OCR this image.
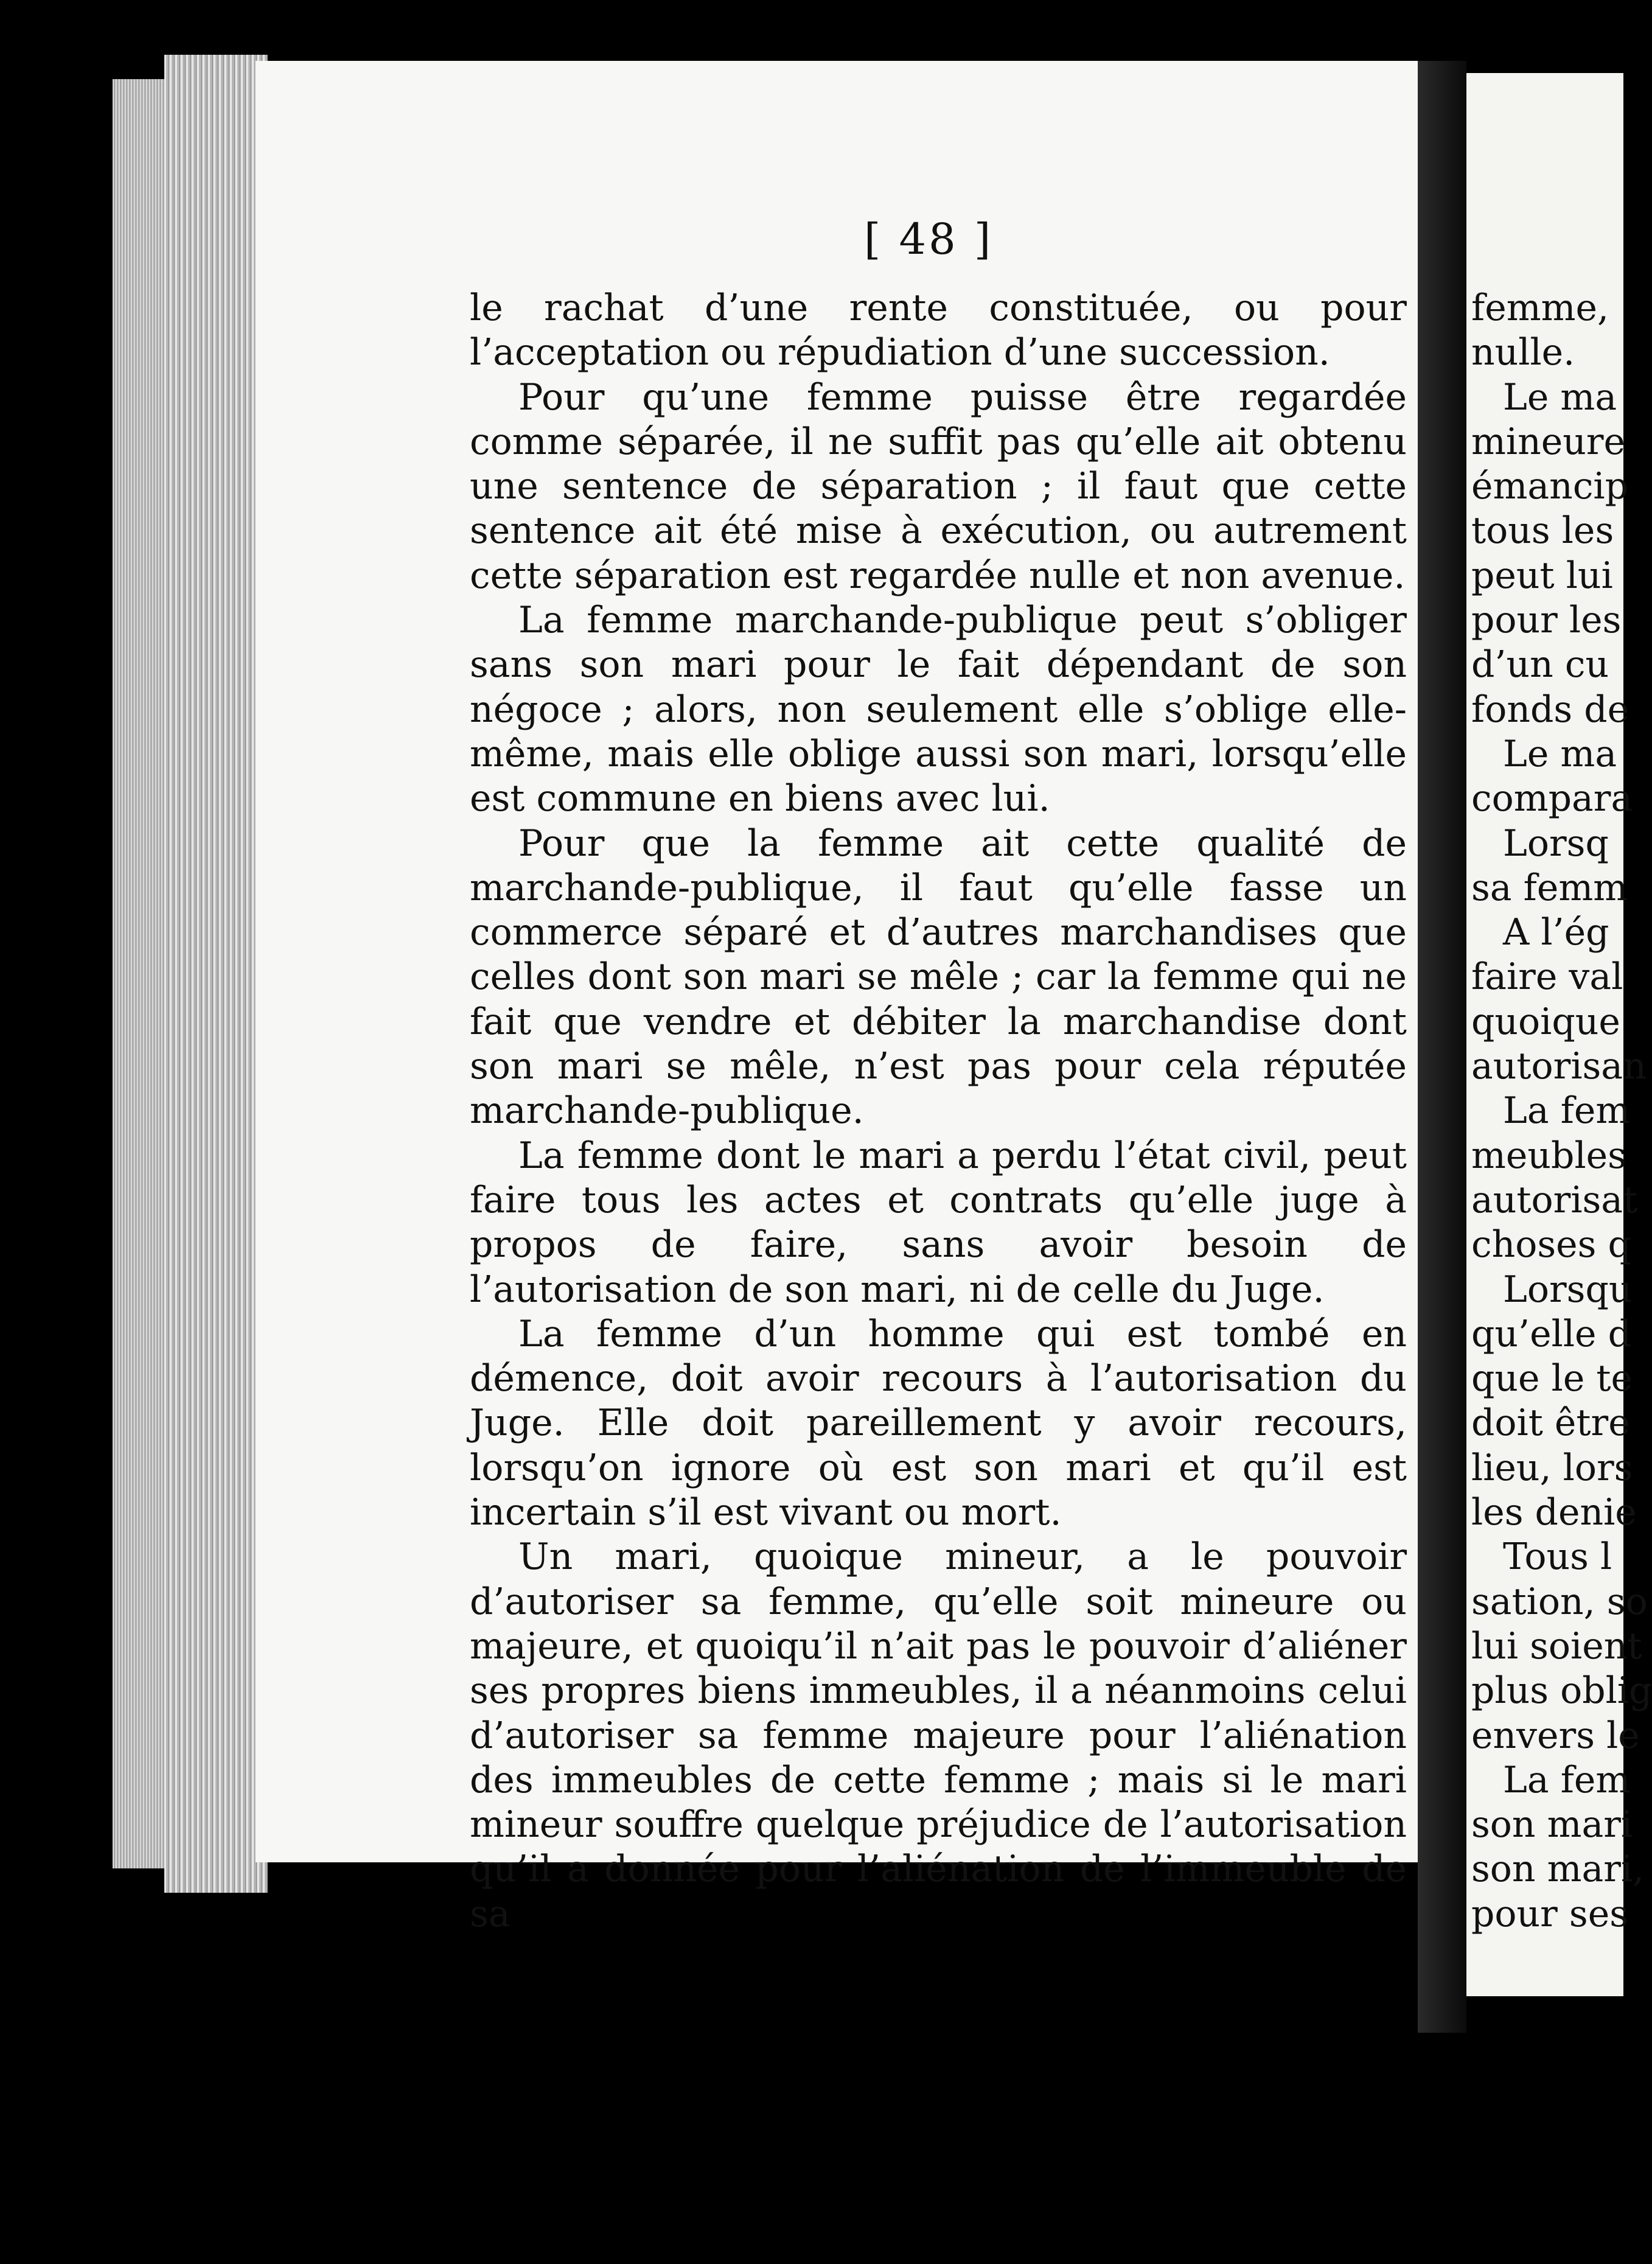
[ 48 ]

le rachat d’une rente constituée, ou pour l’acceptation ou répudiation d’une succession.

Pour qu’une femme puisse être regardée comme séparée, il ne suffit pas qu’elle ait obtenu une sentence de séparation ; il faut que cette sentence ait été mise à exécution, ou autrement cette séparation est regardée nulle et non avenue.

La femme marchande-publique peut s’obliger sans son mari pour le fait dépendant de son négoce ; alors, non seulement elle s’oblige elle-même, mais elle oblige aussi son mari, lorsqu’elle est commune en biens avec lui.

Pour que la femme ait cette qualité de marchande-publique, il faut qu’elle fasse un commerce séparé et d’autres marchandises que celles dont son mari se mêle ; car la femme qui ne fait que vendre et débiter la marchandise dont son mari se mêle, n’est pas pour cela réputée marchande-publique.

La femme dont le mari a perdu l’état civil, peut faire tous les actes et contrats qu’elle juge à propos de faire, sans avoir besoin de l’autorisation de son mari, ni de celle du Juge.

La femme d’un homme qui est tombé en démence, doit avoir recours à l’autorisation du Juge. Elle doit pareillement y avoir recours, lorsqu’on ignore où est son mari et qu’il est incertain s’il est vivant ou mort.

Un mari, quoique mineur, a le pouvoir d’autoriser sa femme, qu’elle soit mineure ou majeure, et quoiqu’il n’ait pas le pouvoir d’aliéner ses propres biens immeubles, il a néanmoins celui d’autoriser sa femme majeure pour l’aliénation des immeubles de cette femme ; mais si le mari mineur souffre quelque préjudice de l’autorisation qu’il a donnée pour l’aliénation de l’immeuble de sa

femme,
nulle.
Le ma
mineure
émancip
tous les
peut lui
pour les
d’un cu
fonds de
Le ma
compara
Lorsq
sa femm
A l’ég
faire val
quoique
autorisan
La fem
meubles
autorisat
choses q
Lorsqu
qu’elle d
que le te
doit être
lieu, lors
les denie
Tous l
sation, so
lui soient
plus oblig
envers le
La fem
son mari
son mari,
pour ses
